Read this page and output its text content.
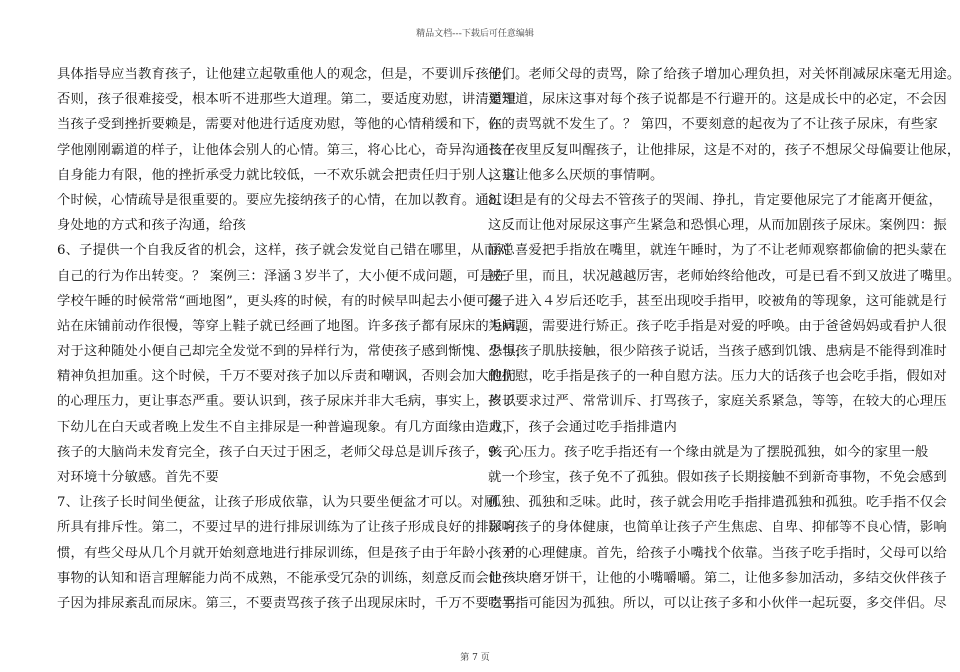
精品文档---下载后可任意编辑
具体指导应当教育孩子，让他建立起敬重他人的观念，但是，不要训斥孩子，
否则，孩子很难接受，根本听不进那些大道理。第二，要适度劝慰，讲清道理
当孩子受到挫折要赖是，需要对他进行适度劝慰，等他的心情稍缓和下，在
学他刚刚霸道的样子，让他体会别人的心情。第三，将心比心，奇异沟通孩子
自身能力有限，他的挫折承受力就比较低，一不欢乐就会把责任归于别人，这
个时候，心情疏导是很重要的。要应先接纳孩子的心情，在加以教育。通过设
身处地的方式和孩子沟通，给孩
6、子提供一个自我反省的机会，这样，孩子就会发觉自己错在哪里，从而对
自己的行为作出转变。？ 案例三：泽涵３岁半了，大小便不成问题，可是在
学校午睡的时候常常“画地图”，更头疼的时候，有的时候早叫起去小便可是
站在床铺前动作很慢，等穿上鞋子就已经画了地图。许多孩子都有尿床的毛病，
对于这种随处小便自己却完全发觉不到的异样行为，常使孩子感到惭愧、恐惧，
精神负担加重。这个时候，千万不要对孩子加以斥责和嘲讽，否则会加大他们
的心理压力，更让事态严重。要认识到，孩子尿床并非大毛病，事实上，岁以
下幼儿在白天或者晚上发生不自主排尿是一种普遍现象。有几方面缘由造成，
孩子的大脑尚未发育完全，孩子白天过于困乏，老师父母总是训斥孩子，孩子
对环境十分敏感。首先不要
7、让孩子长时间坐便盆，让孩子形成依靠，认为只要坐便盆才可以。对厕
所具有排斥性。第二，不要过早的进行排尿训练为了让孩子形成良好的排尿习
惯，有些父母从几个月就开始刻意地进行排尿训练，但是孩子由于年龄小，对
事物的认知和语言理解能力尚不成熟，不能承受冗杂的训练，刻意反而会让孩
子因为排尿紊乱而尿床。第三，不要责骂孩子孩子出现尿床时，千万不要责骂
他们。老师父母的责骂，除了给孩子增加心理负担，对关怀削减尿床毫无用途。
要知道，尿床这事对每个孩子说都是不行避开的。这是成长中的必定，不会因
你的责骂就不发生了。？ 第四，不要刻意的起夜为了不让孩子尿床，有些家
长在夜里反复叫醒孩子，让他排尿，这是不对的，孩子不想尿父母偏要让他尿，
这事让他多么厌烦的事情啊。
8、但是有的父母去不管孩子的哭闹、挣扎，肯定要他尿完了才能离开便盆，
这反而让他对尿尿这事产生紧急和恐惧心理，从而加剧孩子尿床。案例四：振
涵总喜爱把手指放在嘴里，就连午睡时，为了不让老师观察都偷偷的把头蒙在
被子里，而且，状况越越厉害，老师始终给他改，可是已看不到又放进了嘴里。
孩子进入４岁后还吃手，甚至出现咬手指甲，咬被角的等现象，这可能就是行
为问题，需要进行矫正。孩子吃手指是对爱的呼唤。由于爸爸妈妈或看护人很
少与孩子肌肤接触，很少陪孩子说话，当孩子感到饥饿、患病是不能得到准时
的抚慰，吃手指是孩子的一种自慰方法。压力大的话孩子也会吃手指，假如对
孩子要求过严、常常训斥、打骂孩子，家庭关系紧急，等等，在较大的心理压
力下，孩子会通过吃手指排遣内
9、心压力。孩子吃手指还有一个缘由就是为了摆脱孤独，如今的家里一般
就一个珍宝，孩子免不了孤独。假如孩子长期接触不到新奇事物，不免会感到
孤独、孤独和乏味。此时，孩子就会用吃手指排遣孤独和孤独。吃手指不仅会
影响孩子的身体健康，也简单让孩子产生焦虑、自卑、抑郁等不良心情，影响
孩子的心理健康。首先，给孩子小嘴找个依靠。当孩子吃手指时，父母可以给
他一块磨牙饼干，让他的小嘴嚼嚼。第二，让他多参加活动，多结交伙伴孩子
吃手指可能因为孤独。所以，可以让孩子多和小伙伴一起玩耍，多交伴侣。尽
第 7 页
